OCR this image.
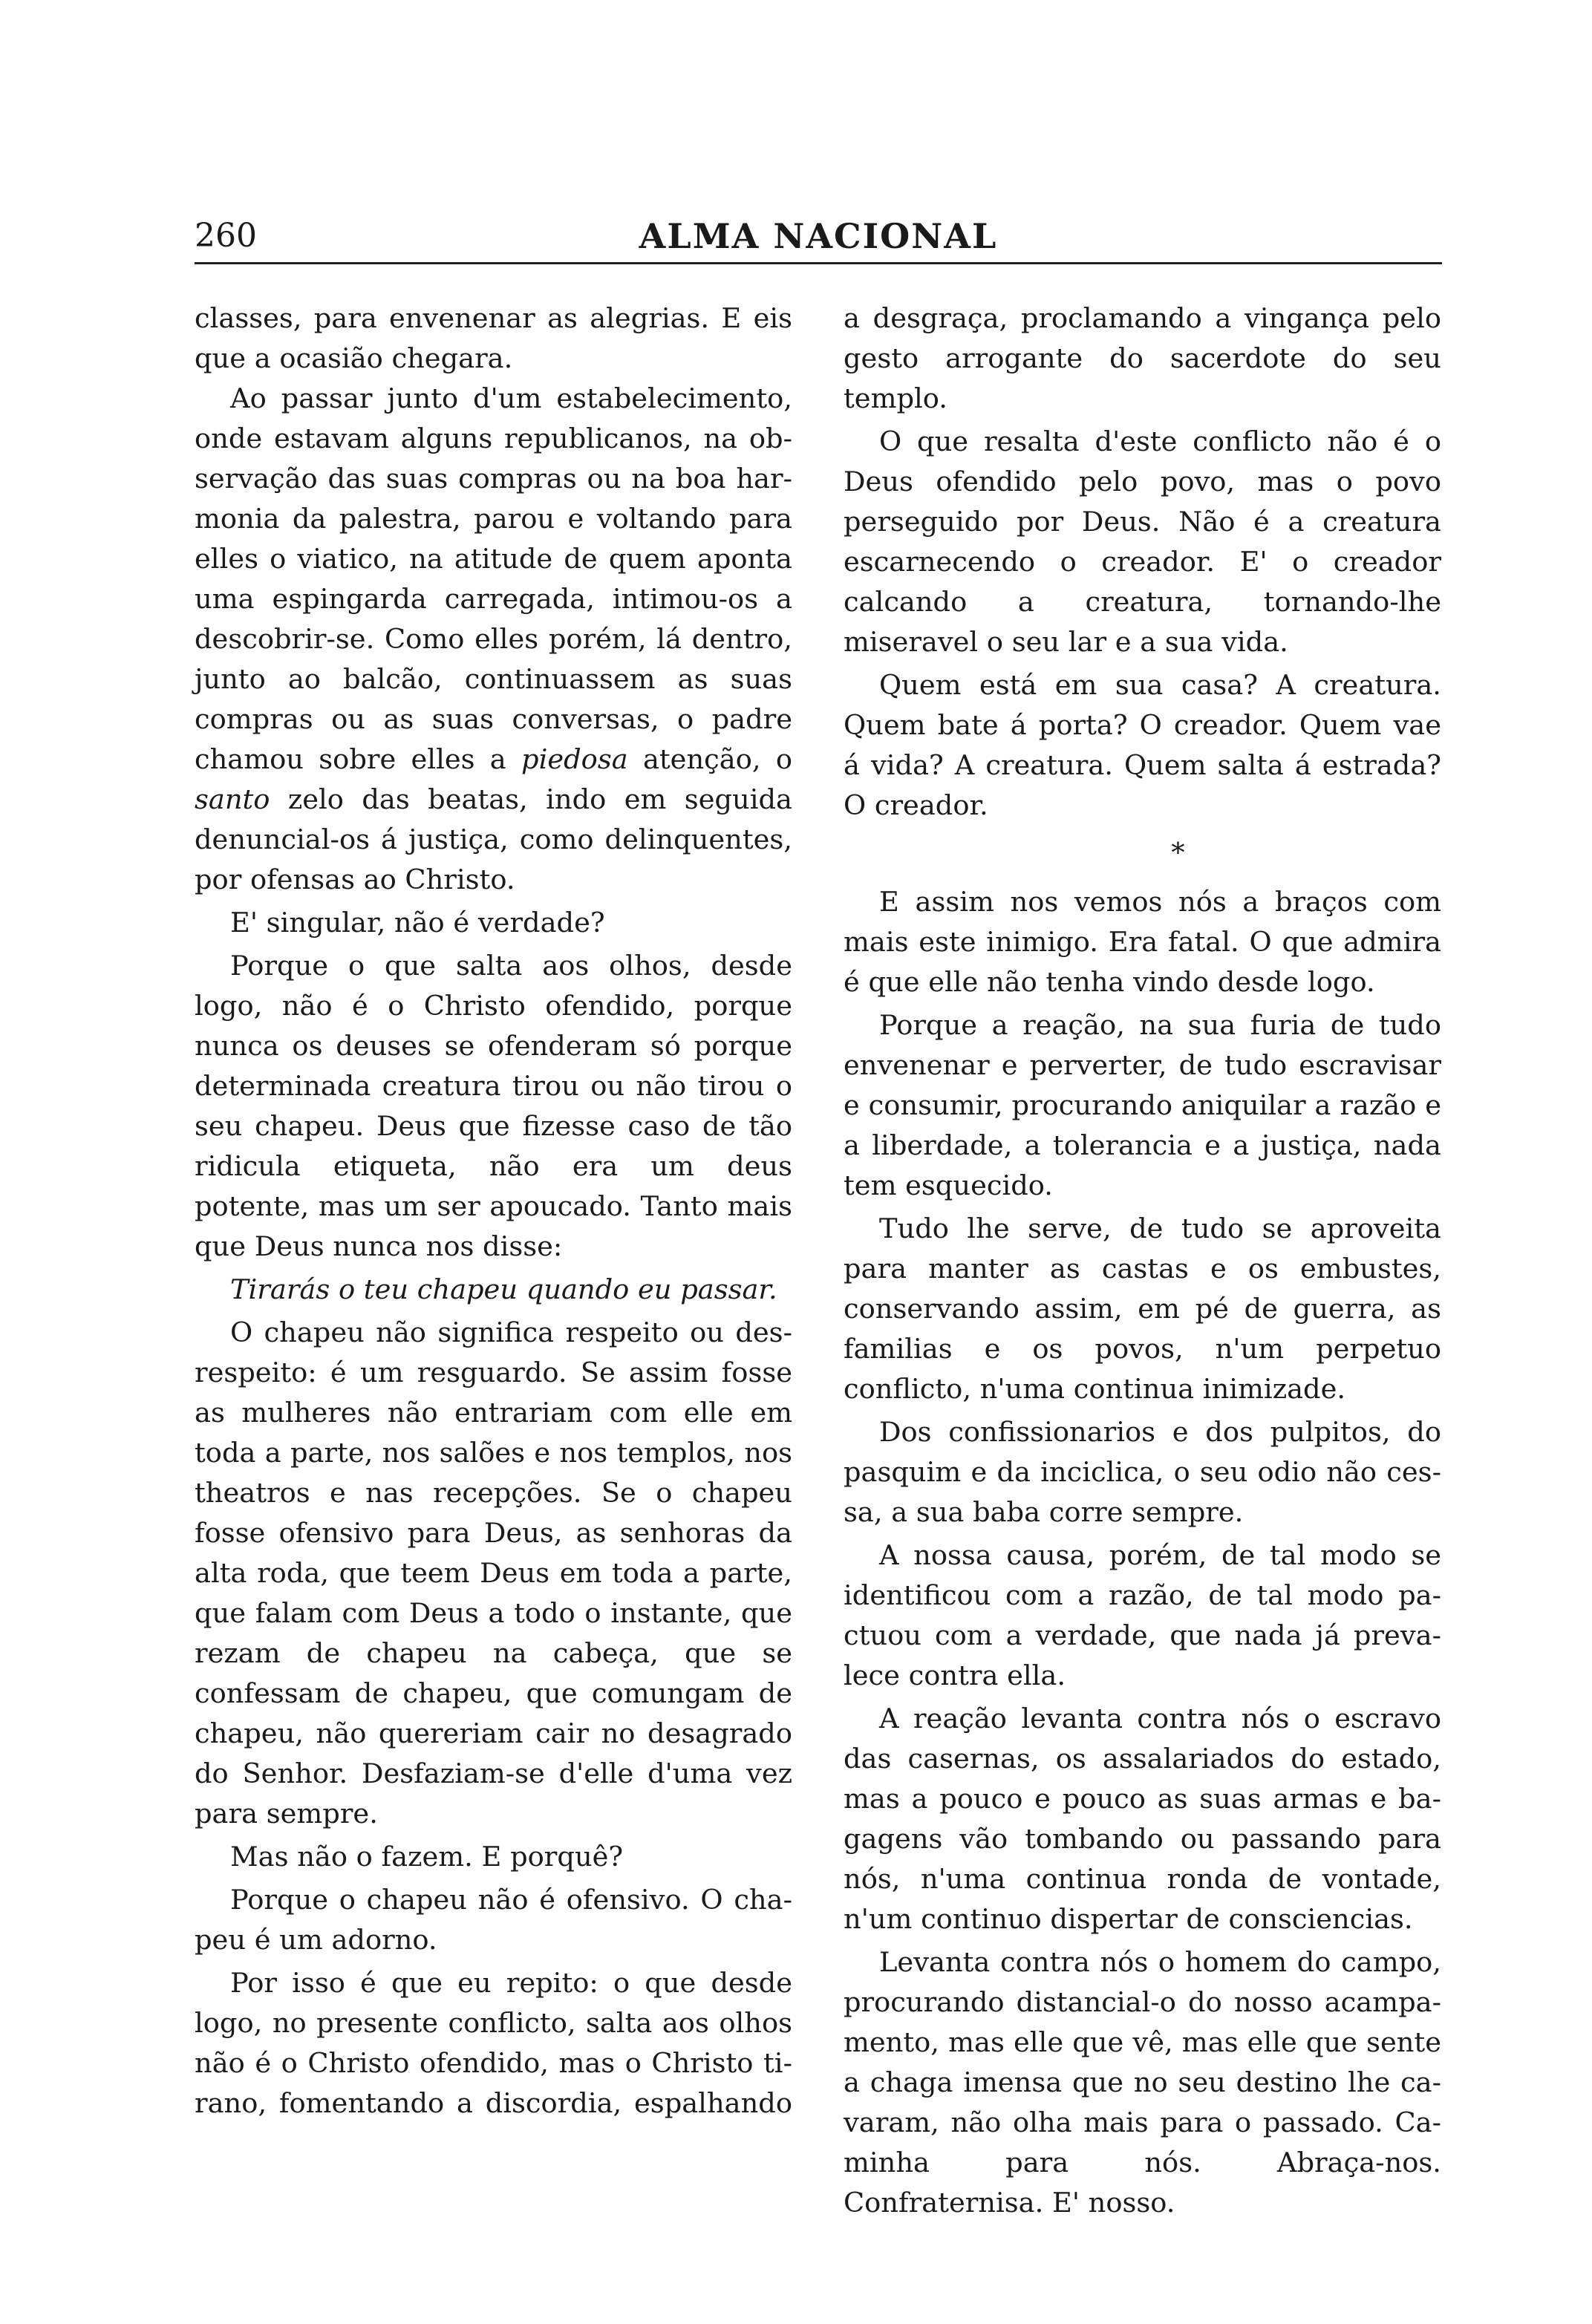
260	ALMA NACIONAL

classes, para envenenar as alegrias. E eis que a ocasião chegara.

Ao passar junto d'um estabelecimento, onde estavam alguns republicanos, na observação das suas compras ou na boa harmonia da palestra, parou e voltando para elles o viatico, na atitude de quem aponta uma espingarda carregada, intimou-os a descobrir-se. Como elles porém, lá dentro, junto ao balcão, continuassem as suas compras ou as suas conversas, o padre chamou sobre elles a piedosa atenção, o santo zelo das beatas, indo em seguida denuncial-os á justiça, como delinquentes, por ofensas ao Christo.

E' singular, não é verdade?

Porque o que salta aos olhos, desde logo, não é o Christo ofendido, porque nunca os deuses se ofenderam só porque determinada creatura tirou ou não tirou o seu chapeu. Deus que fizesse caso de tão ridicula etiqueta, não era um deus potente, mas um ser apoucado. Tanto mais que Deus nunca nos disse:

Tirarás o teu chapeu quando eu passar.

O chapeu não significa respeito ou desrespeito: é um resguardo. Se assim fosse as mulheres não entrariam com elle em toda a parte, nos salões e nos templos, nos theatros e nas recepções. Se o chapeu fosse ofensivo para Deus, as senhoras da alta roda, que teem Deus em toda a parte, que falam com Deus a todo o instante, que rezam de chapeu na cabeça, que se confessam de chapeu, que comungam de chapeu, não quereriam cair no desagrado do Senhor. Desfaziam-se d'elle d'uma vez para sempre.

Mas não o fazem. E porquê?

Porque o chapeu não é ofensivo. O chapeu é um adorno.

Por isso é que eu repito: o que desde logo, no presente conflicto, salta aos olhos não é o Christo ofendido, mas o Christo tirano, fomentando a discordia, espalhando

a desgraça, proclamando a vingança pelo gesto arrogante do sacerdote do seu templo.

O que resalta d'este conflicto não é o Deus ofendido pelo povo, mas o povo perseguido por Deus. Não é a creatura escarnecendo o creador. E' o creador calcando a creatura, tornando-lhe miseravel o seu lar e a sua vida.

Quem está em sua casa? A creatura. Quem bate á porta? O creador. Quem vae á vida? A creatura. Quem salta á estrada? O creador.

*

E assim nos vemos nós a braços com mais este inimigo. Era fatal. O que admira é que elle não tenha vindo desde logo.

Porque a reação, na sua furia de tudo envenenar e perverter, de tudo escravisar e consumir, procurando aniquilar a razão e a liberdade, a tolerancia e a justiça, nada tem esquecido.

Tudo lhe serve, de tudo se aproveita para manter as castas e os embustes, conservando assim, em pé de guerra, as familias e os povos, n'um perpetuo conflicto, n'uma continua inimizade.

Dos confissionarios e dos pulpitos, do pasquim e da inciclica, o seu odio não cessa, a sua baba corre sempre.

A nossa causa, porém, de tal modo se identificou com a razão, de tal modo pactuou com a verdade, que nada já prevalece contra ella.

A reação levanta contra nós o escravo das casernas, os assalariados do estado, mas a pouco e pouco as suas armas e bagagens vão tombando ou passando para nós, n'uma continua ronda de vontade, n'um continuo dispertar de consciencias.

Levanta contra nós o homem do campo, procurando distancial-o do nosso acampamento, mas elle que vê, mas elle que sente a chaga imensa que no seu destino lhe cavaram, não olha mais para o passado. Caminha para nós. Abraça-nos. Confraternisa. E' nosso.
